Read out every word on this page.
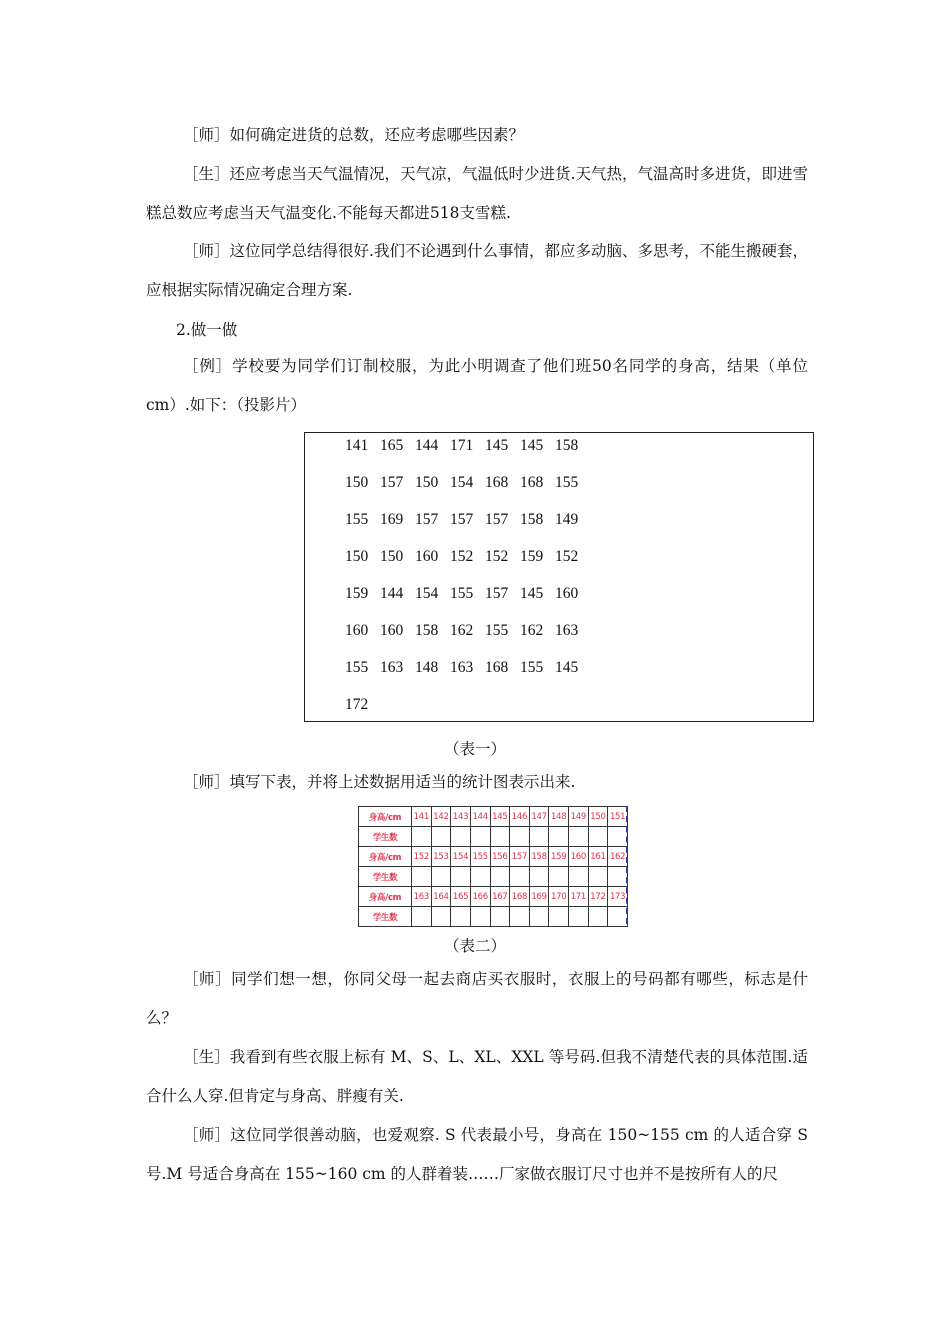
［师］如何确定进货的总数，还应考虑哪些因素？

［生］还应考虑当天气温情况，天气凉，气温低时少进货.天气热，气温高时多进货，即进雪糕总数应考虑当天气温变化.不能每天都进518支雪糕.

［师］这位同学总结得很好.我们不论遇到什么事情，都应多动脑、多思考，不能生搬硬套，应根据实际情况确定合理方案.

2.做一做

［例］学校要为同学们订制校服，为此小明调查了他们班50名同学的身高，结果（单位 cm）.如下：（投影片）

141  165  144  171  145  145  158
150  157  150  154  168  168  155
155  169  157  157  157  158  149
150  150  160  152  152  159  152
159  144  154  155  157  145  160
160  160  158  162  155  162  163
155  163  148  163  168  155  145
172
（表一）

［师］填写下表，并将上述数据用适当的统计图表示出来.

身高/cm	141	142	143	144	145	146	147	148	149	150	151
学生数											
身高/cm	152	153	154	155	156	157	158	159	160	161	162
学生数											
身高/cm	163	164	165	166	167	168	169	170	171	172	173
学生数											
（表二）

［师］同学们想一想，你同父母一起去商店买衣服时，衣服上的号码都有哪些，标志是什么？

［生］我看到有些衣服上标有 M、S、L、XL、XXL 等号码.但我不清楚代表的具体范围.适合什么人穿.但肯定与身高、胖瘦有关.

［师］这位同学很善动脑，也爱观察. S 代表最小号，身高在 150~155 cm 的人适合穿 S 号.M 号适合身高在 155~160 cm 的人群着装……厂家做衣服订尺寸也并不是按所有人的尺
